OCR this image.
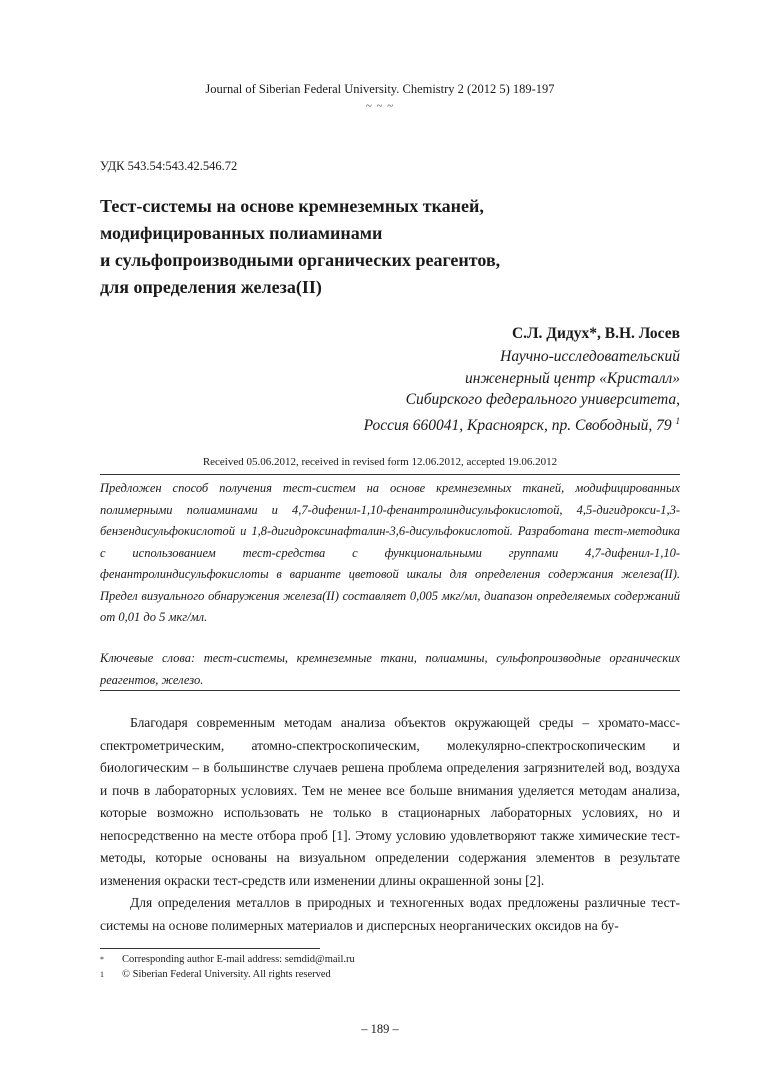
Journal of Siberian Federal University. Chemistry 2 (2012 5) 189-197
~ ~ ~
УДК 543.54:543.42.546.72
Тест-системы на основе кремнеземных тканей,
модифицированных полиаминами
и сульфопроизводными органических реагентов,
для определения железа(II)
С.Л. Дидух*, В.Н. Лосев
Научно-исследовательский
инженерный центр «Кристалл»
Сибирского федерального университета,
Россия 660041, Красноярск, пр. Свободный, 79 $^1$
Received 05.06.2012, received in revised form 12.06.2012, accepted 19.06.2012
Предложен способ получения тест-систем на основе кремнеземных тканей, модифицированных полимерными полиаминами и 4,7-дифенил-1,10-фенантролиндисульфокислотой, 4,5-дигидрокси-1,3-бензендисульфокислотой и 1,8-дигидроксинафталин-3,6-дисульфокислотой. Разработана тест-методика с использованием тест-средства с функциональными группами 4,7-дифенил-1,10-фенантролиндисульфокислоты в варианте цветовой шкалы для определения содержания железа(II). Предел визуального обнаружения железа(II) составляет 0,005 мкг/мл, диапазон определяемых содержаний от 0,01 до 5 мкг/мл.
Ключевые слова: тест-системы, кремнеземные ткани, полиамины, сульфопроизводные органических реагентов, железо.

Благодаря современным методам анализа объектов окружающей среды – хромато-масс-спектрометрическим, атомно-спектроскопическим, молекулярно-спектроскопическим и биологическим – в большинстве случаев решена проблема определения загрязнителей вод, воздуха и почв в лабораторных условиях. Тем не менее все больше внимания уделяется методам анализа, которые возможно использовать не только в стационарных лабораторных условиях, но и непосредственно на месте отбора проб [1]. Этому условию удовлетворяют также химические тест-методы, которые основаны на визуальном определении содержания элементов в результате изменения окраски тест-средств или изменении длины окрашенной зоны [2].

Для определения металлов в природных и техногенных водах предложены различные тест-системы на основе полимерных материалов и дисперсных неорганических оксидов на бу-

*	Corresponding author E-mail address: semdid@mail.ru
1	© Siberian Federal University. All rights reserved
– 189 –
